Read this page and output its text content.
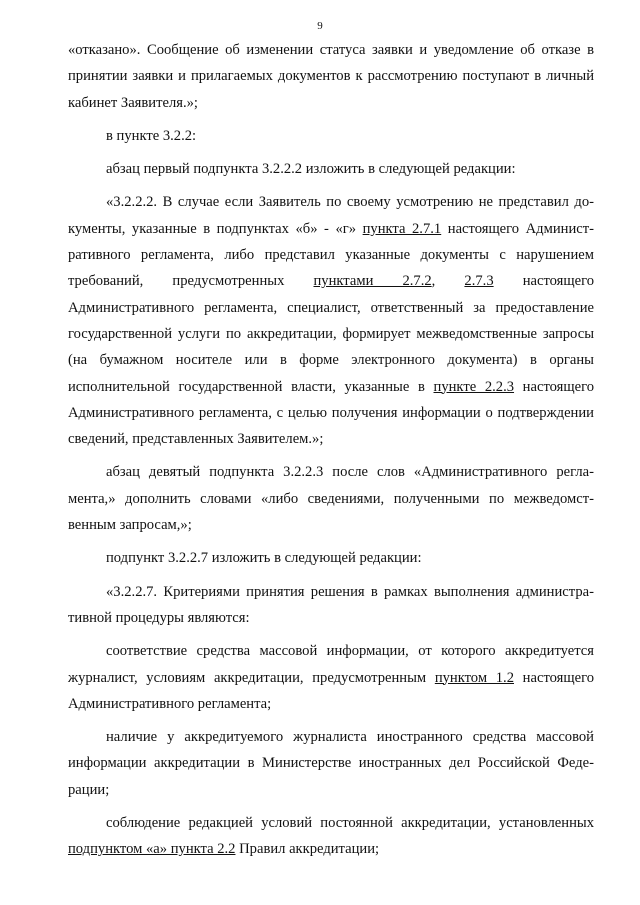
9

«отказано». Сообщение об изменении статуса заявки и уведомление об отказе в принятии заявки и прилагаемых документов к рассмотрению поступают в личный кабинет Заявителя.»;

в пункте 3.2.2:

абзац первый подпункта 3.2.2.2 изложить в следующей редакции:

«3.2.2.2. В случае если Заявитель по своему усмотрению не представил документы, указанные в подпунктах «б» - «г» пункта 2.7.1 настоящего Административного регламента, либо представил указанные документы с нарушением требований, предусмотренных пунктами 2.7.2, 2.7.3 настоящего Административного регламента, специалист, ответственный за предоставление государственной услуги по аккредитации, формирует межведомственные запросы (на бумажном носителе или в форме электронного документа) в органы исполнительной государственной власти, указанные в пункте 2.2.3 настоящего Административного регламента, с целью получения информации о подтверждении сведений, представленных Заявителем.»;

абзац девятый подпункта 3.2.2.3 после слов «Административного регламента,» дополнить словами «либо сведениями, полученными по межведомственным запросам,»;

подпункт 3.2.2.7 изложить в следующей редакции:

«3.2.2.7. Критериями принятия решения в рамках выполнения административной процедуры являются:

соответствие средства массовой информации, от которого аккредитуется журналист, условиям аккредитации, предусмотренным пунктом 1.2 настоящего Административного регламента;

наличие у аккредитуемого журналиста иностранного средства массовой информации аккредитации в Министерстве иностранных дел Российской Федерации;

соблюдение редакцией условий постоянной аккредитации, установленных подпунктом «а» пункта 2.2 Правил аккредитации;
